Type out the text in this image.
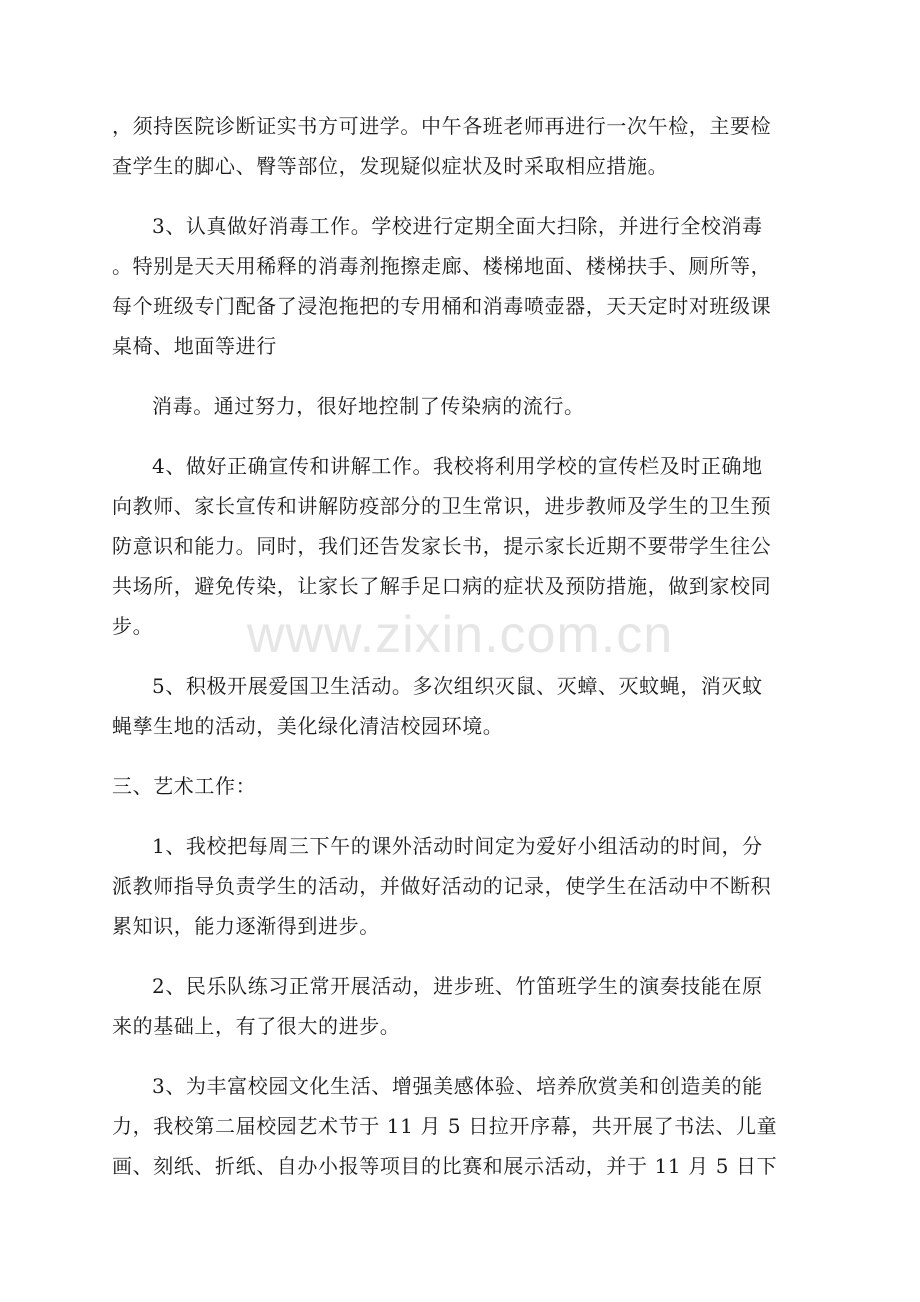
，须持医院诊断证实书方可进学。中午各班老师再进行一次午检，主要检
查学生的脚心、臀等部位，发现疑似症状及时采取相应措施。
3、认真做好消毒工作。学校进行定期全面大扫除，并进行全校消毒
。特别是天天用稀释的消毒剂拖擦走廊、楼梯地面、楼梯扶手、厕所等，
每个班级专门配备了浸泡拖把的专用桶和消毒喷壶器，天天定时对班级课
桌椅、地面等进行
消毒。通过努力，很好地控制了传染病的流行。
4、做好正确宣传和讲解工作。我校将利用学校的宣传栏及时正确地
向教师、家长宣传和讲解防疫部分的卫生常识，进步教师及学生的卫生预
防意识和能力。同时，我们还告发家长书，提示家长近期不要带学生往公
共场所，避免传染，让家长了解手足口病的症状及预防措施，做到家校同
步。
5、积极开展爱国卫生活动。多次组织灭鼠、灭蟑、灭蚊蝇，消灭蚊
蝇孳生地的活动，美化绿化清洁校园环境。
三、艺术工作：
1、我校把每周三下午的课外活动时间定为爱好小组活动的时间，分
派教师指导负责学生的活动，并做好活动的记录，使学生在活动中不断积
累知识，能力逐渐得到进步。
2、民乐队练习正常开展活动，进步班、竹笛班学生的演奏技能在原
来的基础上，有了很大的进步。
3、为丰富校园文化生活、增强美感体验、培养欣赏美和创造美的能
力，我校第二届校园艺术节于 11 月 5 日拉开序幕，共开展了书法、儿童
画、刻纸、折纸、自办小报等项目的比赛和展示活动，并于 11 月 5 日下
www.zixin.com.cn
